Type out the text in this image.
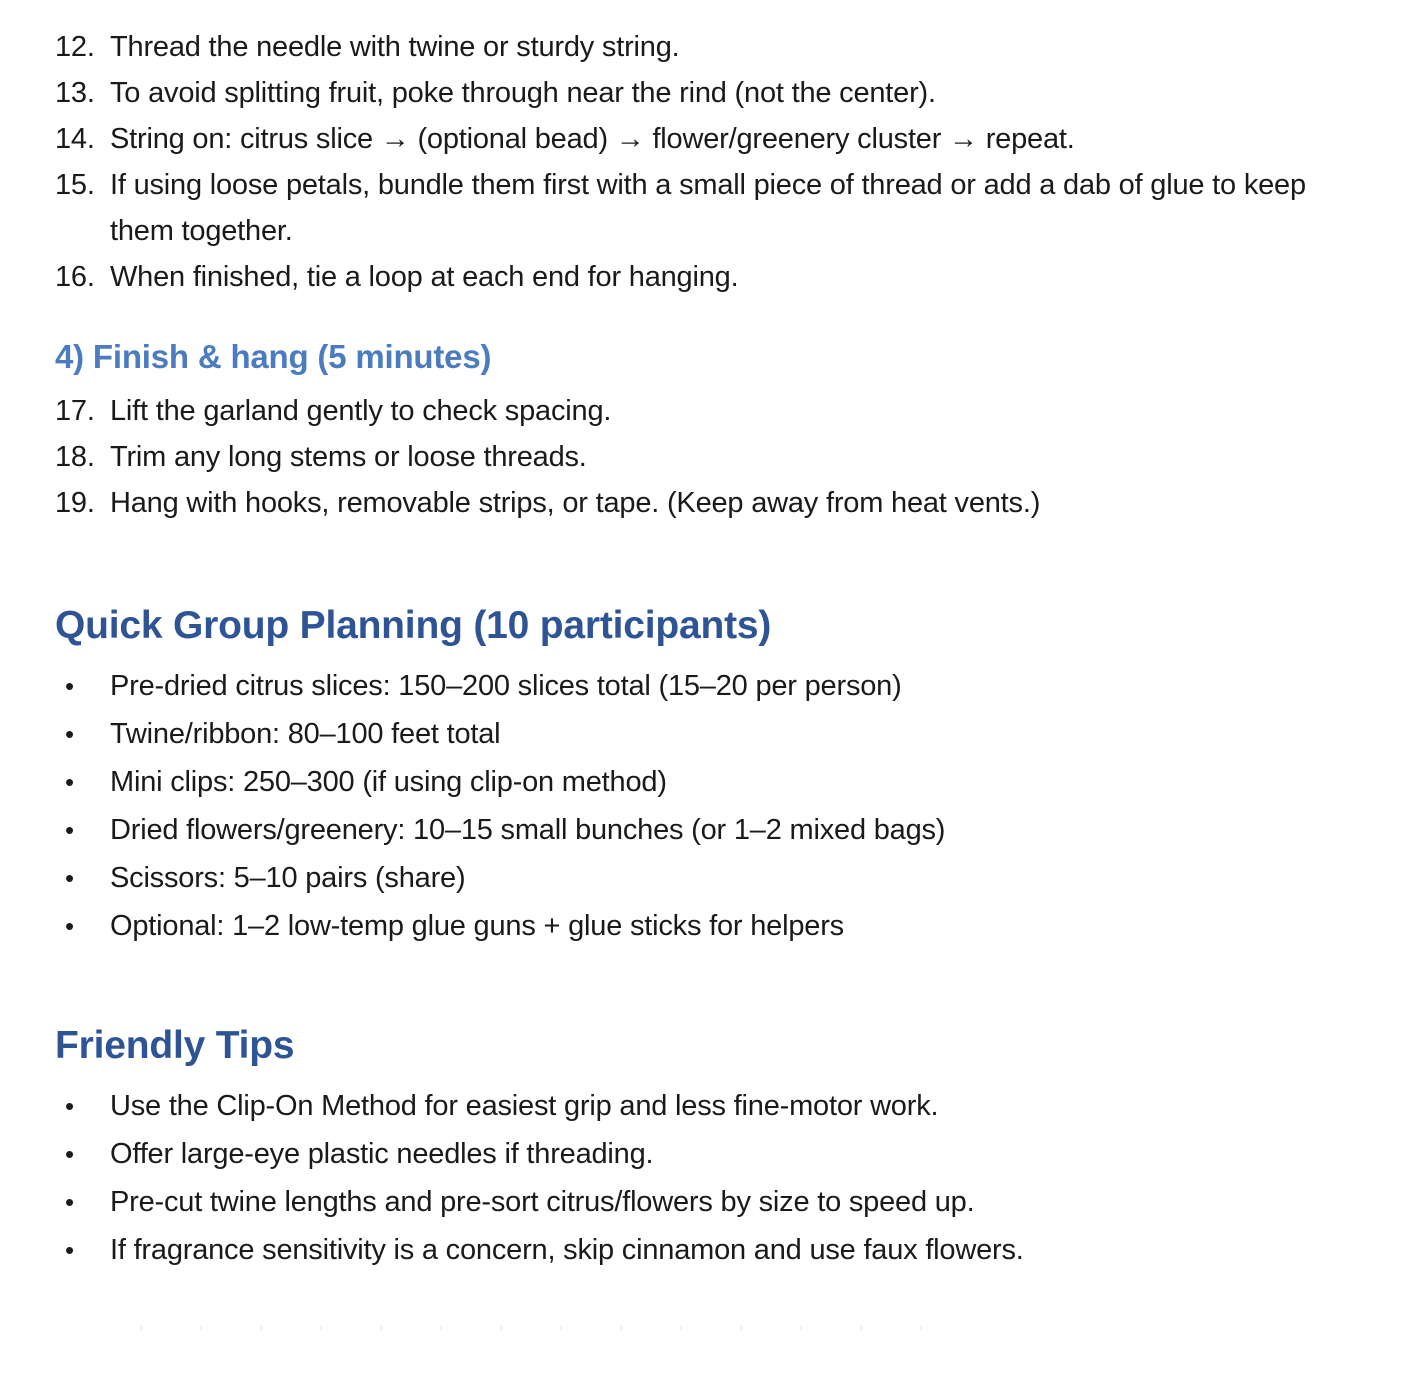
12. Thread the needle with twine or sturdy string.
13. To avoid splitting fruit, poke through near the rind (not the center).
14. String on: citrus slice → (optional bead) → flower/greenery cluster → repeat.
15. If using loose petals, bundle them first with a small piece of thread or add a dab of glue to keep them together.
16. When finished, tie a loop at each end for hanging.
4) Finish & hang (5 minutes)
17. Lift the garland gently to check spacing.
18. Trim any long stems or loose threads.
19. Hang with hooks, removable strips, or tape. (Keep away from heat vents.)
Quick Group Planning (10 participants)
•	Pre-dried citrus slices: 150–200 slices total (15–20 per person)
•	Twine/ribbon: 80–100 feet total
•	Mini clips: 250–300 (if using clip-on method)
•	Dried flowers/greenery: 10–15 small bunches (or 1–2 mixed bags)
•	Scissors: 5–10 pairs (share)
•	Optional: 1–2 low-temp glue guns + glue sticks for helpers
Friendly Tips
•	Use the Clip-On Method for easiest grip and less fine-motor work.
•	Offer large-eye plastic needles if threading.
•	Pre-cut twine lengths and pre-sort citrus/flowers by size to speed up.
•	If fragrance sensitivity is a concern, skip cinnamon and use faux flowers.
